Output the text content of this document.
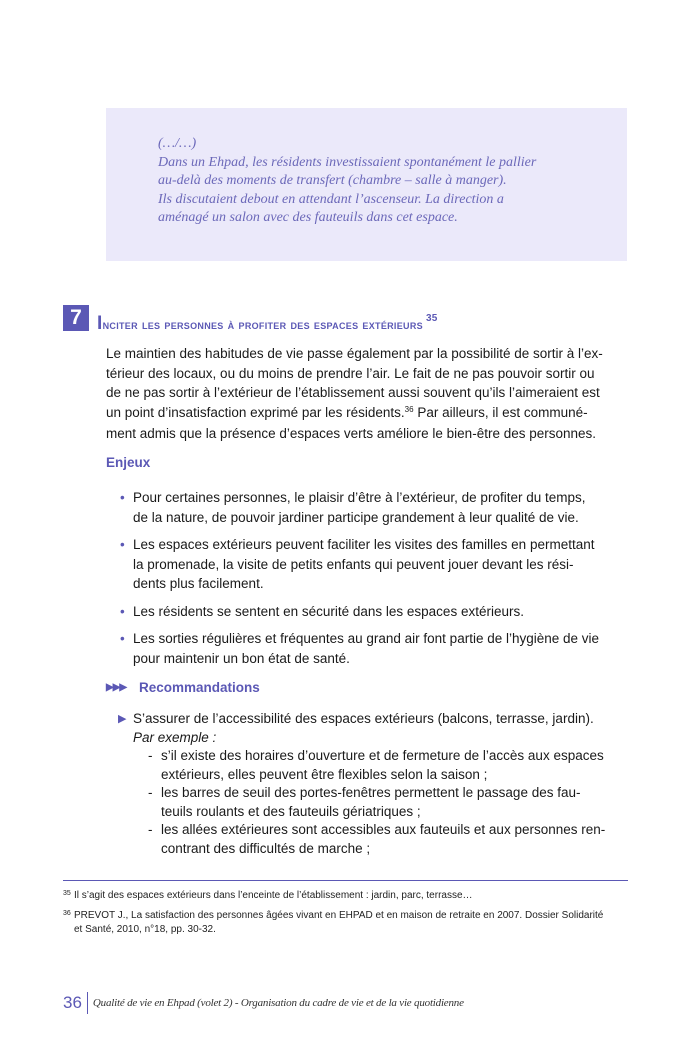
(…/…)
Dans un Ehpad, les résidents investissaient spontanément le pallier
au-delà des moments de transfert (chambre – salle à manger).
Ils discutaient debout en attendant l’ascenseur. La direction a
aménagé un salon avec des fauteuils dans cet espace.
7 Inciter les personnes à profiter des espaces extérieurs $^{35}$
Le maintien des habitudes de vie passe également par la possibilité de sortir à l’ex-
térieur des locaux, ou du moins de prendre l’air. Le fait de ne pas pouvoir sortir ou
de ne pas sortir à l’extérieur de l’établissement aussi souvent qu’ils l’aimeraient est
un point d’insatisfaction exprimé par les résidents.$^{36}$ Par ailleurs, il est communé-
ment admis que la présence d’espaces verts améliore le bien-être des personnes.
Enjeux
• Pour certaines personnes, le plaisir d’être à l’extérieur, de profiter du temps,
de la nature, de pouvoir jardiner participe grandement à leur qualité de vie.
• Les espaces extérieurs peuvent faciliter les visites des familles en permettant
la promenade, la visite de petits enfants qui peuvent jouer devant les rési-
dents plus facilement.
• Les résidents se sentent en sécurité dans les espaces extérieurs.
• Les sorties régulières et fréquentes au grand air font partie de l’hygiène de vie
pour maintenir un bon état de santé.
▶▶▶ Recommandations
▶ S’assurer de l’accessibilité des espaces extérieurs (balcons, terrasse, jardin).
Par exemple :
- s’il existe des horaires d’ouverture et de fermeture de l’accès aux espaces
extérieurs, elles peuvent être flexibles selon la saison ;
- les barres de seuil des portes-fenêtres permettent le passage des fau-
teuils roulants et des fauteuils gériatriques ;
- les allées extérieures sont accessibles aux fauteuils et aux personnes ren-
contrant des difficultés de marche ;
35 Il s’agit des espaces extérieurs dans l’enceinte de l’établissement : jardin, parc, terrasse…
36 PREVOT J., La satisfaction des personnes âgées vivant en EHPAD et en maison de retraite en 2007. Dossier Solidarité
et Santé, 2010, n°18, pp. 30-32.
36	Qualité de vie en Ehpad (volet 2) - Organisation du cadre de vie et de la vie quotidienne
